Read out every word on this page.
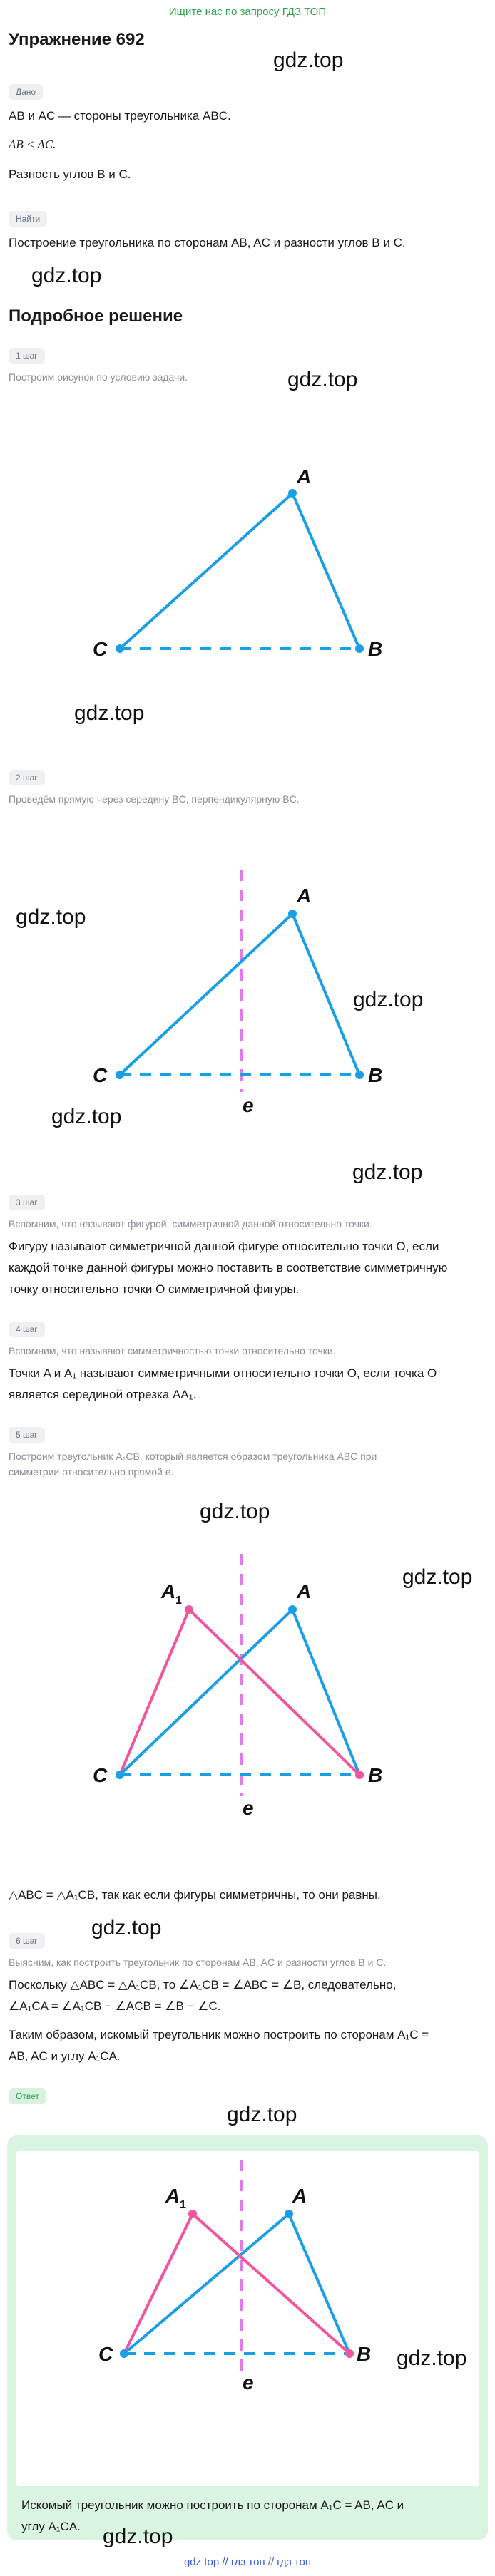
Ищите нас по запросу ГДЗ ТОП
Упражнение 692
gdz.top
Дано
AB и AC — стороны треугольника ABC.
AB < AC.
Разность углов B и C.
Найти
Построение треугольника по сторонам AB, AC и разности углов B и C.
gdz.top
Подробное решение
1 шаг
Построим рисунок по условию задачи.	gdz.top
A
C	B
gdz.top
2 шаг
Проведём прямую через середину BC, перпендикулярную BC.
A
C	B
e
gdz.top
gdz.top
gdz.top
gdz.top
3 шаг
Вспомним, что называют фигурой, симметричной данной относительно точки.
Фигуру называют симметричной данной фигуре относительно точки O, если
каждой точке данной фигуры можно поставить в соответствие симметричную
точку относительно точки O симметричной фигуры.
4 шаг
Вспомним, что называют симметричностью точки относительно точки.
Точки A и A₁ называют симметричными относительно точки O, если точка O
является серединой отрезка AA₁.
5 шаг
Построим треугольник A₁CB, который является образом треугольника ABC при
симметрии относительно прямой е.
gdz.top
gdz.top
A
A 1
C	B
e
△ABC = △A₁CB, так как если фигуры симметричны, то они равны.
gdz.top
6 шаг
Выясним, как построить треугольник по сторонам AB, AC и разности углов B и C.
Поскольку △ABC = △A₁CB, то ∠A₁CB = ∠ABC = ∠B, следовательно,
∠A₁CA = ∠A₁CB − ∠ACB = ∠B − ∠C.
Таким образом, искомый треугольник можно построить по сторонам A₁C =
AB, AC и углу A₁CA.
Ответ
gdz.top
A
A 1
C	B
e
gdz.top
Искомый треугольник можно построить по сторонам A₁C = AB, AC и
углу A₁CA. gdz.top
gdz top // гдз топ // гдз топ
